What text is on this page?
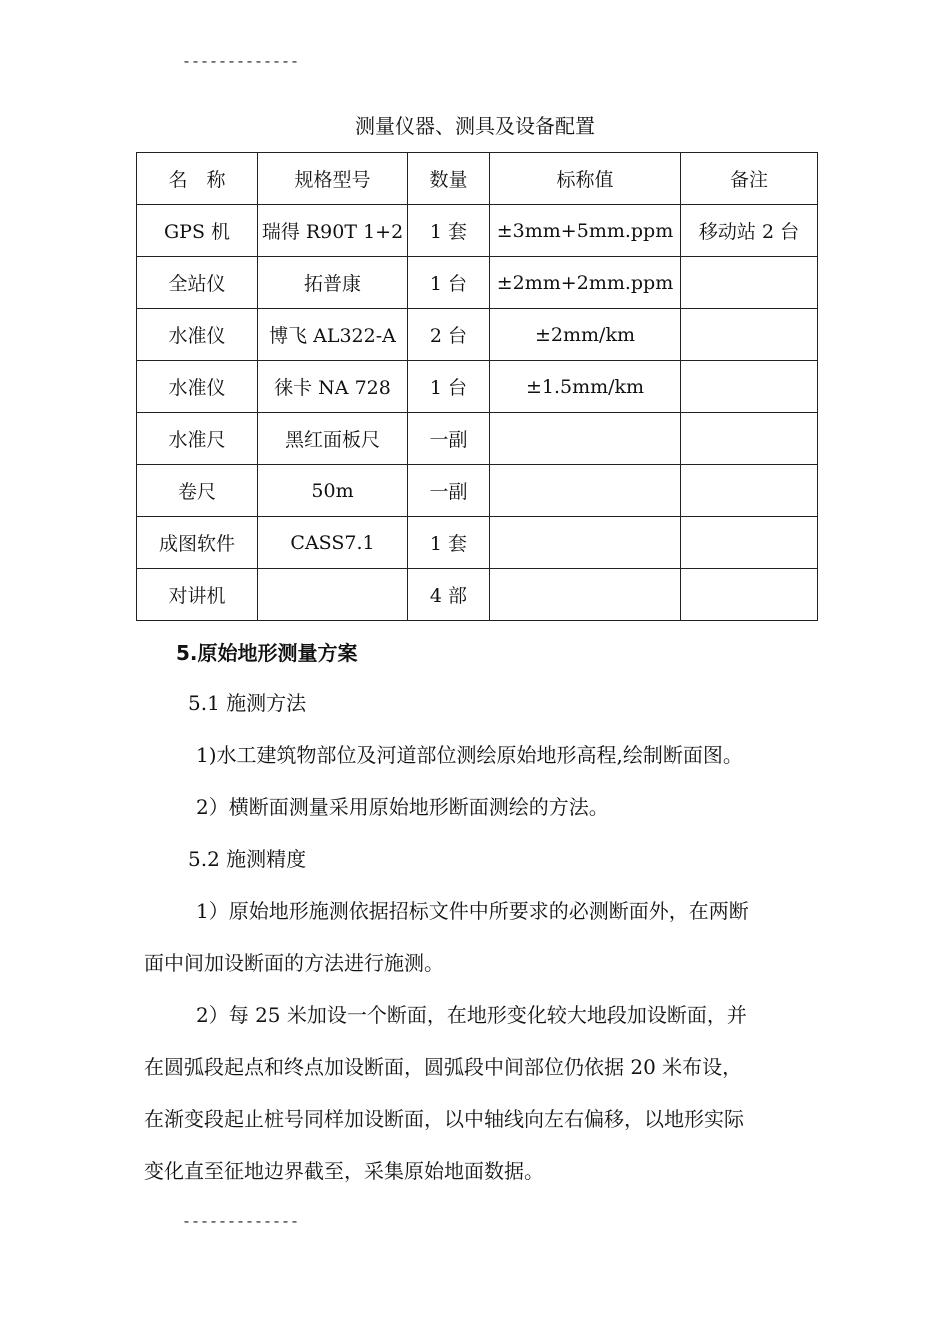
-------------
测量仪器、测具及设备配置
名　称	规格型号	数量	标称值	备注
GPS 机	瑞得 R90T 1+2	1 套	±3mm+5mm.ppm	移动站 2 台
全站仪	拓普康	1 台	±2mm+2mm.ppm	
水准仪	博飞 AL322-A	2 台	±2mm/km	
水准仪	徕卡 NA 728	1 台	±1.5mm/km	
水准尺	黑红面板尺	一副		
卷尺	50m	一副		
成图软件	CASS7.1	1 套		
对讲机		4 部		
5.原始地形测量方案
5.1 施测方法
1)水工建筑物部位及河道部位测绘原始地形高程,绘制断面图。
2）横断面测量采用原始地形断面测绘的方法。
5.2 施测精度
1）原始地形施测依据招标文件中所要求的必测断面外，在两断
面中间加设断面的方法进行施测。
2）每 25 米加设一个断面，在地形变化较大地段加设断面，并
在圆弧段起点和终点加设断面，圆弧段中间部位仍依据 20 米布设，
在渐变段起止桩号同样加设断面，以中轴线向左右偏移，以地形实际
变化直至征地边界截至，采集原始地面数据。
-------------
